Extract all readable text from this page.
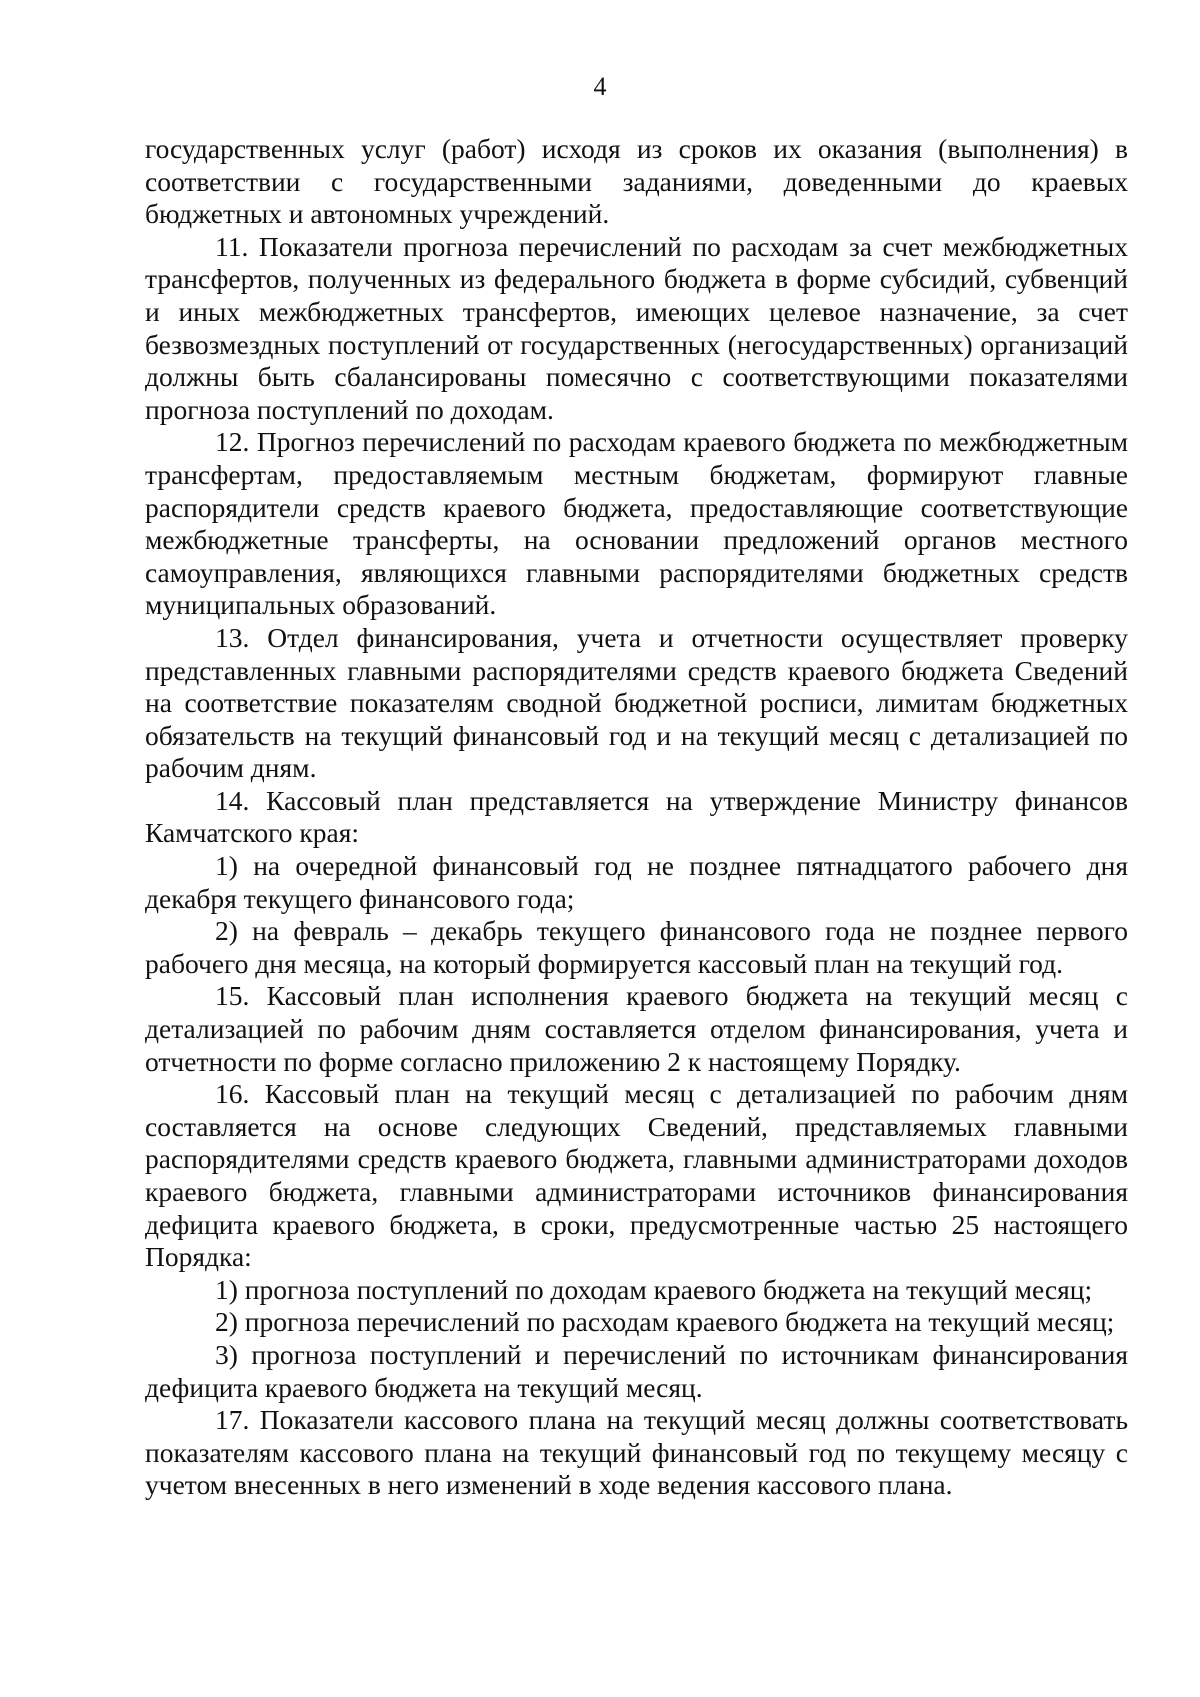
4

государственных услуг (работ) исходя из сроков их оказания (выполнения) в соответствии с государственными заданиями, доведенными до краевых бюджетных и автономных учреждений.

11. Показатели прогноза перечислений по расходам за счет межбюджетных трансфертов, полученных из федерального бюджета в форме субсидий, субвенций и иных межбюджетных трансфертов, имеющих целевое назначение, за счет безвозмездных поступлений от государственных (негосударственных) организаций должны быть сбалансированы помесячно с соответствующими показателями прогноза поступлений по доходам.

12. Прогноз перечислений по расходам краевого бюджета по межбюджетным трансфертам, предоставляемым местным бюджетам, формируют главные распорядители средств краевого бюджета, предоставляющие соответствующие межбюджетные трансферты, на основании предложений органов местного самоуправления, являющихся главными распорядителями бюджетных средств муниципальных образований.

13. Отдел финансирования, учета и отчетности осуществляет проверку представленных главными распорядителями средств краевого бюджета Сведений на соответствие показателям сводной бюджетной росписи, лимитам бюджетных обязательств на текущий финансовый год и на текущий месяц с детализацией по рабочим дням.

14. Кассовый план представляется на утверждение Министру финансов Камчатского края:

1) на очередной финансовый год не позднее пятнадцатого рабочего дня декабря текущего финансового года;

2) на февраль – декабрь текущего финансового года не позднее первого рабочего дня месяца, на который формируется кассовый план на текущий год.

15. Кассовый план исполнения краевого бюджета на текущий месяц с детализацией по рабочим дням составляется отделом финансирования, учета и отчетности по форме согласно приложению 2 к настоящему Порядку.

16. Кассовый план на текущий месяц с детализацией по рабочим дням составляется на основе следующих Сведений, представляемых главными распорядителями средств краевого бюджета, главными администраторами доходов краевого бюджета, главными администраторами источников финансирования дефицита краевого бюджета, в сроки, предусмотренные частью 25 настоящего Порядка:

1) прогноза поступлений по доходам краевого бюджета на текущий месяц;

2) прогноза перечислений по расходам краевого бюджета на текущий месяц;

3) прогноза поступлений и перечислений по источникам финансирования дефицита краевого бюджета на текущий месяц.

17. Показатели кассового плана на текущий месяц должны соответствовать показателям кассового плана на текущий финансовый год по текущему месяцу с учетом внесенных в него изменений в ходе ведения кассового плана.
